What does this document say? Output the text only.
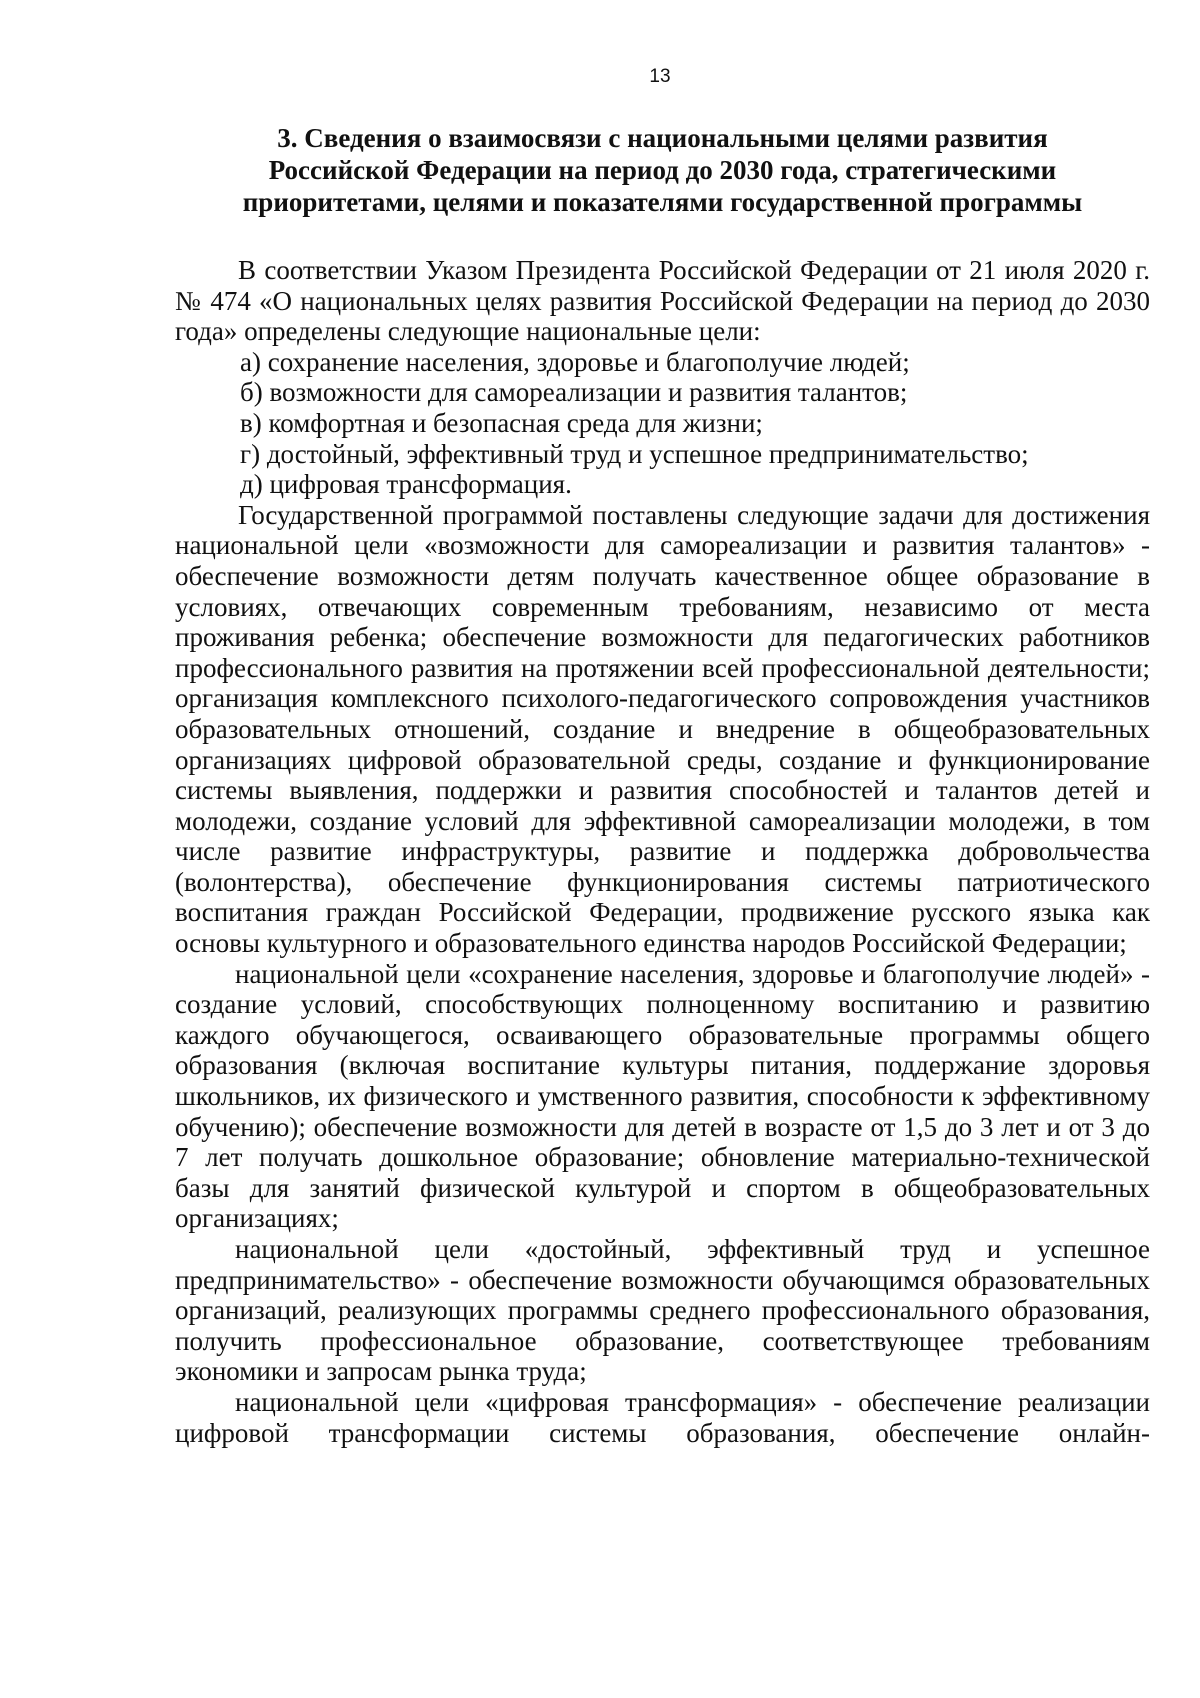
13
3. Сведения о взаимосвязи с национальными целями развития
Российской Федерации на период до 2030 года, стратегическими
приоритетами, целями и показателями государственной программы

В соответствии Указом Президента Российской Федерации от 21 июля 2020 г. № 474 «О национальных целях развития Российской Федерации на период до 2030 года» определены следующие национальные цели:

а) сохранение населения, здоровье и благополучие людей;

б) возможности для самореализации и развития талантов;

в) комфортная и безопасная среда для жизни;

г) достойный, эффективный труд и успешное предпринимательство;

д) цифровая трансформация.

Государственной программой поставлены следующие задачи для достижения национальной цели «возможности для самореализации и развития талантов» - обеспечение возможности детям получать качественное общее образование в условиях, отвечающих современным требованиям, независимо от места проживания ребенка; обеспечение возможности для педагогических работников профессионального развития на протяжении всей профессиональной деятельности; организация комплексного психолого-педагогического сопровождения участников образовательных отношений, создание и внедрение в общеобразовательных организациях цифровой образовательной среды, создание и функционирование системы выявления, поддержки и развития способностей и талантов детей и молодежи, создание условий для эффективной самореализации молодежи, в том числе развитие инфраструктуры, развитие и поддержка добровольчества (волонтерства), обеспечение функционирования системы патриотического воспитания граждан Российской Федерации, продвижение русского языка как основы культурного и образовательного единства народов Российской Федерации;

национальной цели «сохранение населения, здоровье и благополучие людей» - создание условий, способствующих полноценному воспитанию и развитию каждого обучающегося, осваивающего образовательные программы общего образования (включая воспитание культуры питания, поддержание здоровья школьников, их физического и умственного развития, способности к эффективному обучению); обеспечение возможности для детей в возрасте от 1,5 до 3 лет и от 3 до 7 лет получать дошкольное образование; обновление материально-технической базы для занятий физической культурой и спортом в общеобразовательных организациях;

национальной цели «достойный, эффективный труд и успешное предпринимательство» - обеспечение возможности обучающимся образовательных организаций, реализующих программы среднего профессионального образования, получить профессиональное образование, соответствующее требованиям экономики и запросам рынка труда;

национальной цели «цифровая трансформация» - обеспечение реализации цифровой трансформации системы образования, обеспечение онлайн-
